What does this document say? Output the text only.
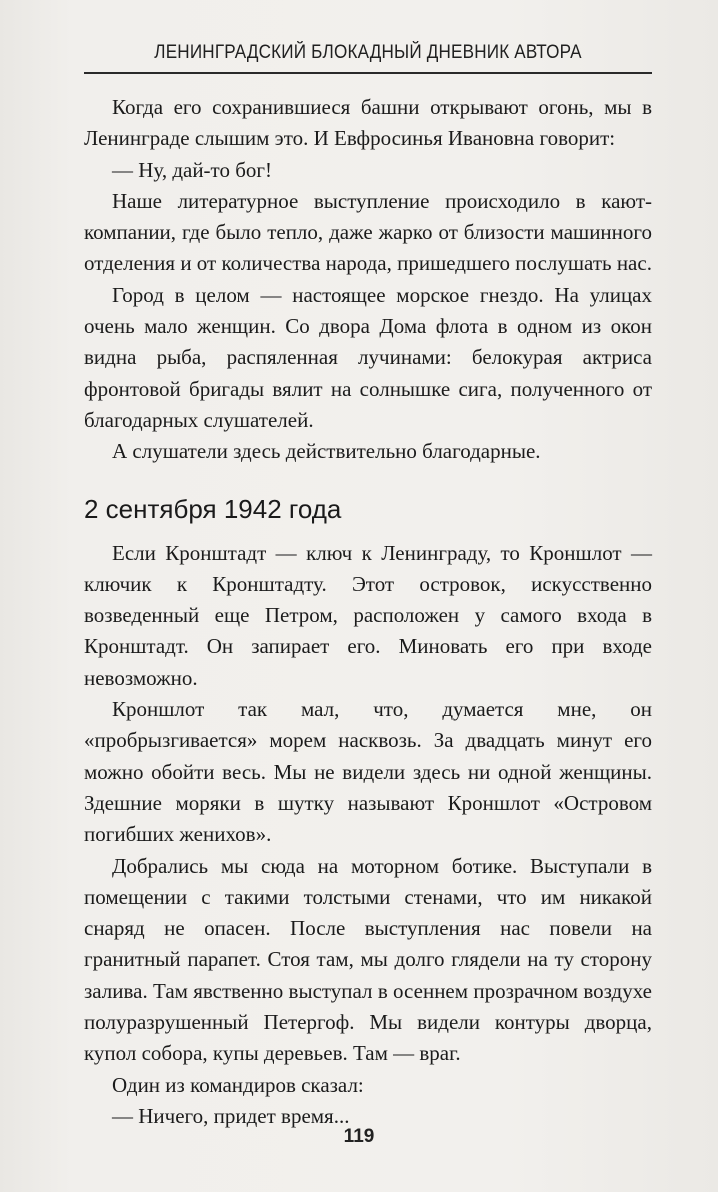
ЛЕНИНГРАДСКИЙ БЛОКАДНЫЙ ДНЕВНИК АВТОРА

Когда его сохранившиеся башни открывают огонь, мы в Ленинграде слышим это. И Евфросинья Ивановна говорит:

— Ну, дай-то бог!

Наше литературное выступление происходило в кают-компании, где было тепло, даже жарко от близости машинного отделения и от количества народа, пришедшего послушать нас.

Город в целом — настоящее морское гнездо. На улицах очень мало женщин. Со двора Дома флота в одном из окон видна рыба, распяленная лучинами: белокурая актриса фронтовой бригады вялит на солнышке сига, полученного от благодарных слушателей.

А слушатели здесь действительно благодарные.

2 сентября 1942 года

Если Кронштадт — ключ к Ленинграду, то Кроншлот — ключик к Кронштадту. Этот островок, искусственно возведенный еще Петром, расположен у самого входа в Кронштадт. Он запирает его. Миновать его при входе невозможно.

Кроншлот так мал, что, думается мне, он «пробрызгивается» морем насквозь. За двадцать минут его можно обойти весь. Мы не видели здесь ни одной женщины. Здешние моряки в шутку называют Кроншлот «Островом погибших женихов».

Добрались мы сюда на моторном ботике. Выступали в помещении с такими толстыми стенами, что им никакой снаряд не опасен. После выступления нас повели на гранитный парапет. Стоя там, мы долго глядели на ту сторону залива. Там явственно выступал в осеннем прозрачном воздухе полуразрушенный Петергоф. Мы видели контуры дворца, купол собора, купы деревьев. Там — враг.

Один из командиров сказал:

— Ничего, придет время...

119
